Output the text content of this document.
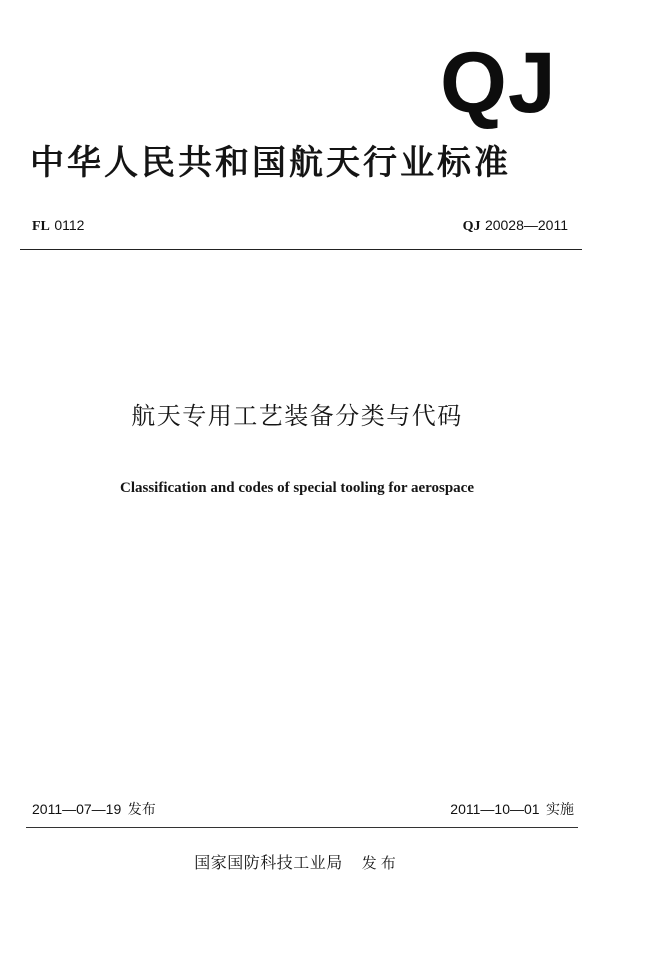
QJ
中华人民共和国航天行业标准
FL 0112	QJ 20028—2011
航天专用工艺装备分类与代码
Classification and codes of special tooling for aerospace
2011—07—19 发布	2011—10—01 实施
国家国防科技工业局 发布
